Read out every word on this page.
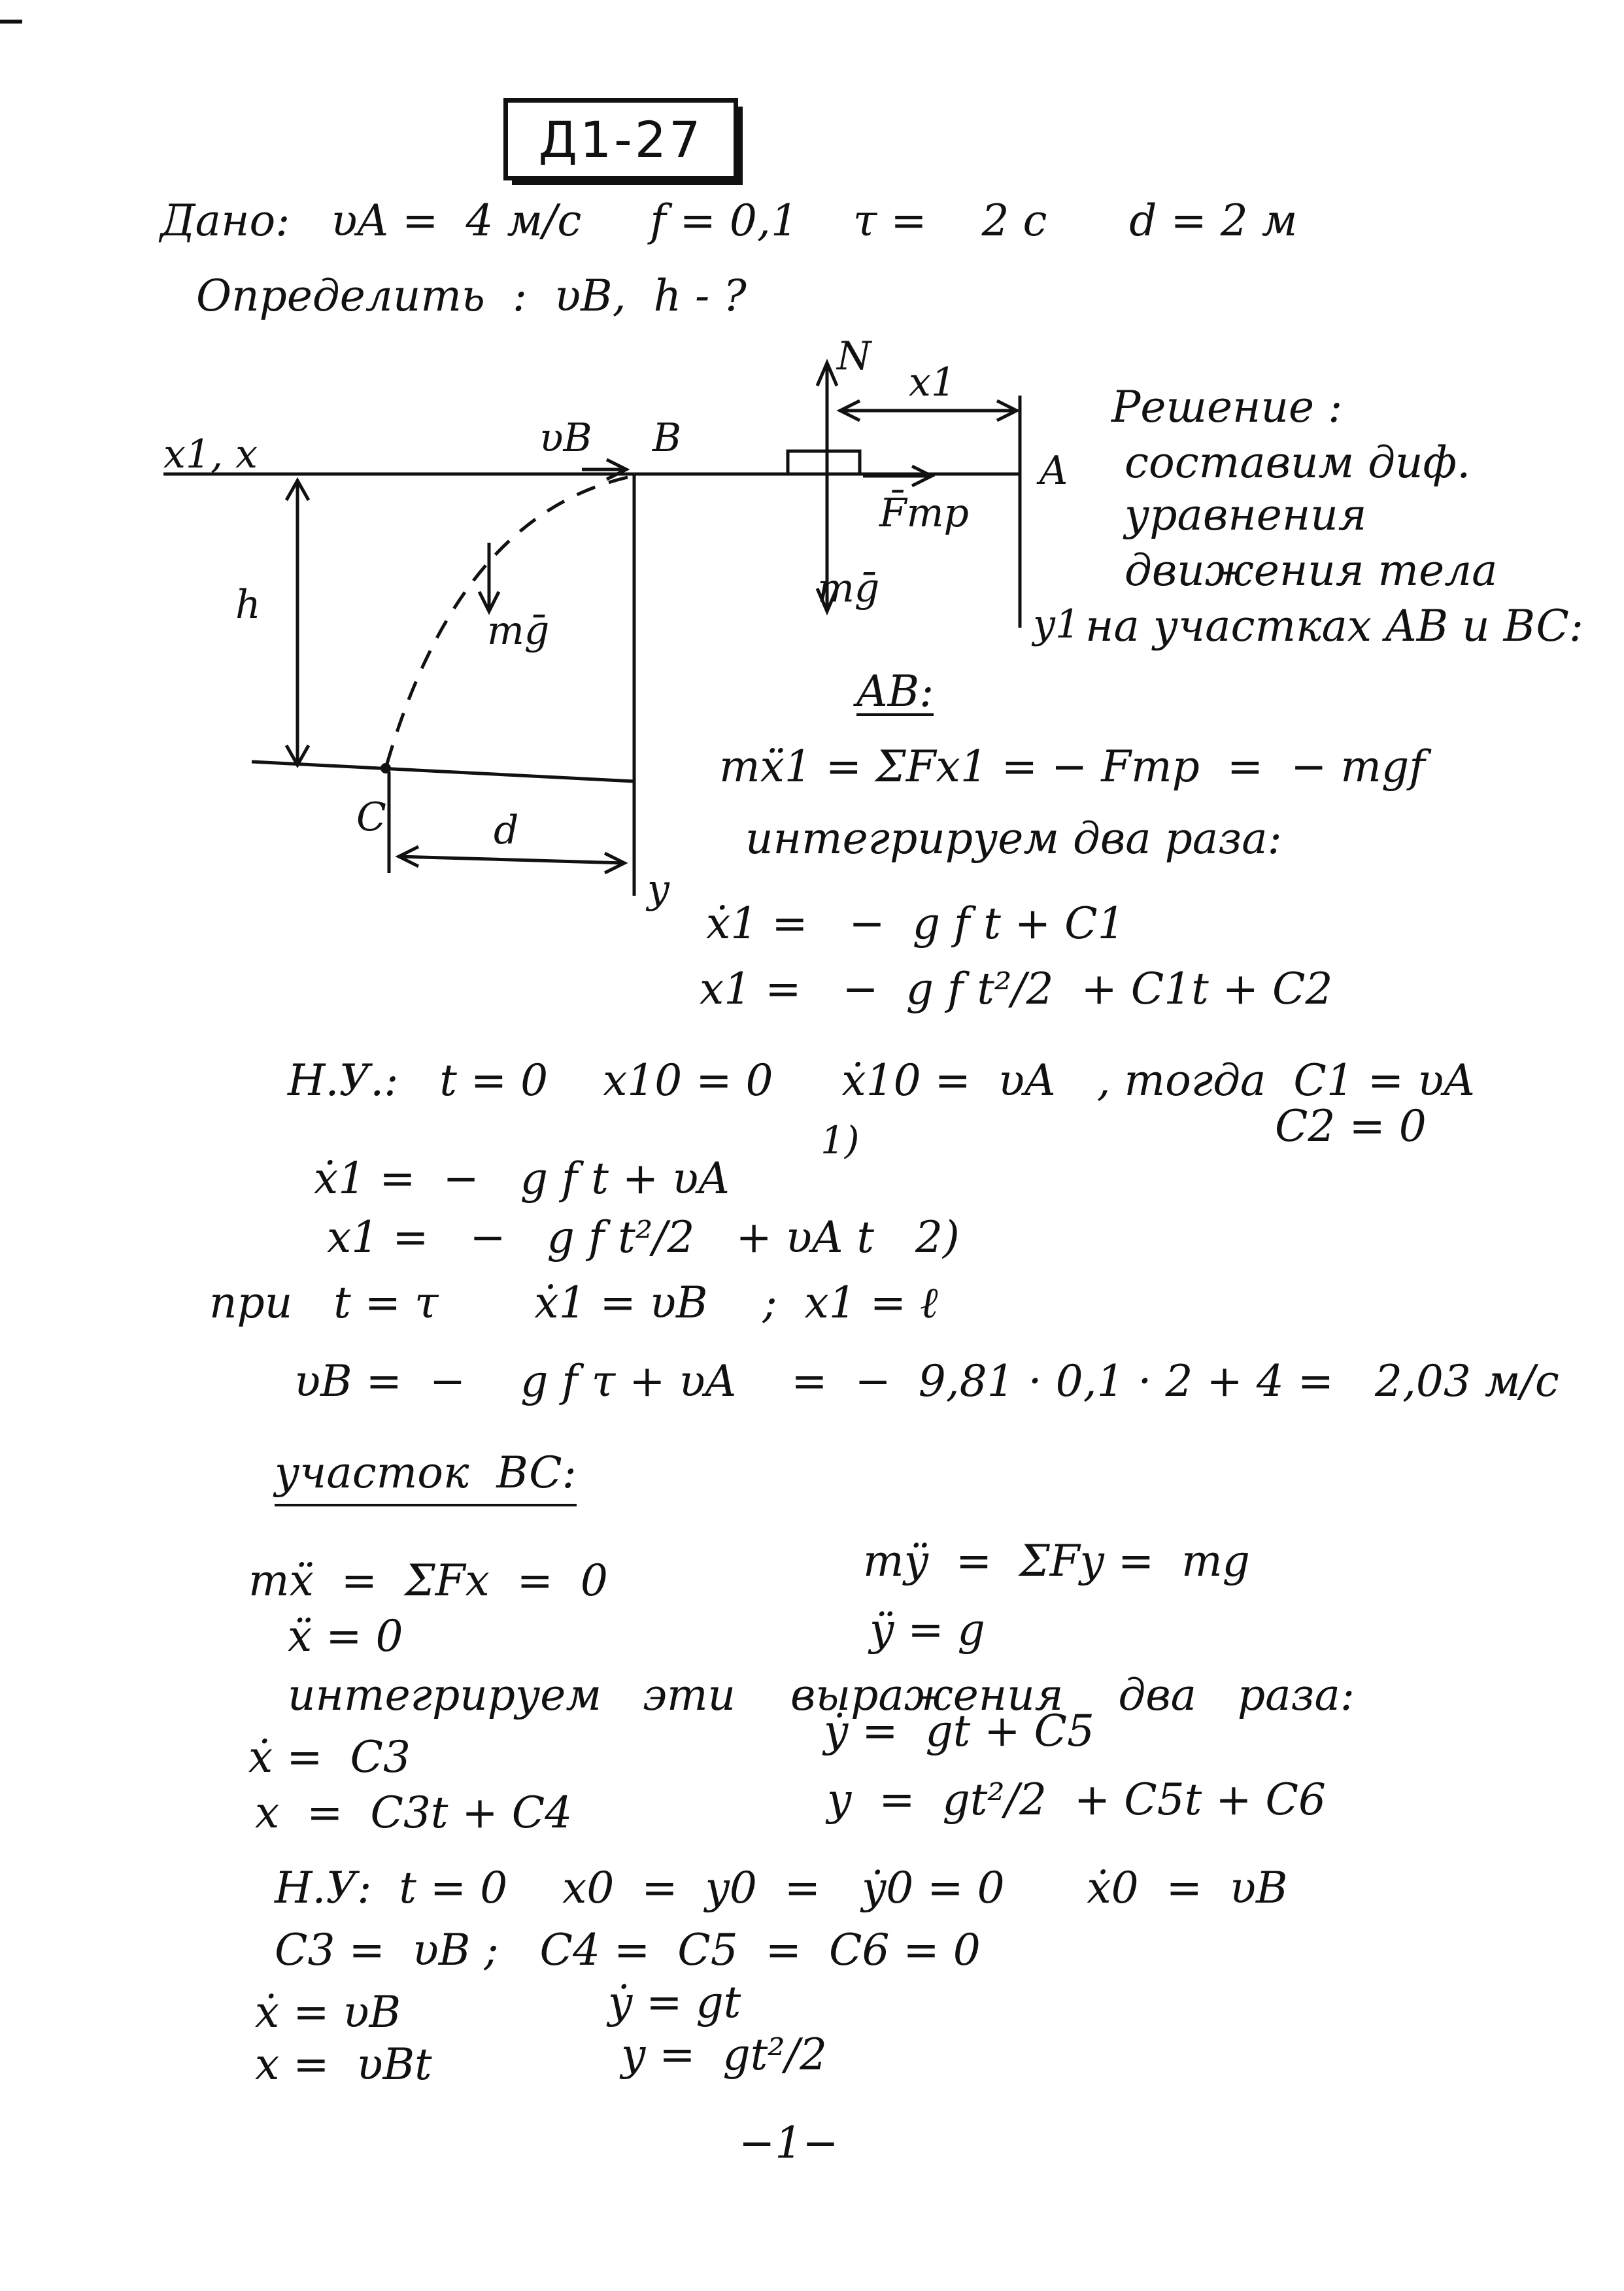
Д1-27
Дано:   υA =  4 м/с     f = 0,1    τ =    2 с      d = 2 м
Определить  :  υB,  h - ?
x1, x	υB B
N
x1
A
F̄тр
mḡ
y1
mḡ
h
C	d
y
Решение :
составим диф.
уравнения
движения тела
на участках AB и BC:
AB:
mẍ1 = ΣFx1 = − Fтр  =  − mgf
интегрируем два раза:
ẋ1 =   −  g f t + C1
x1 =   −  g f t²/2  + C1t + C2
Н.У.:   t = 0    x10 = 0     ẋ10 =  υA   , тогда  C1 = υA
C2 = 0
1)
ẋ1 =  −   g f t + υA
x1 =   −   g f t²/2   + υA t   2)
при   t = τ       ẋ1 = υB    ;  x1 = ℓ
υB =  −    g f τ + υA    =  −  9,81 · 0,1 · 2 + 4 =   2,03 м/с
участок  BC:
mẍ  =  ΣFx  =  0	mÿ  =  ΣFy =  mg
ẍ = 0	ÿ = g
интегрируем   эти    выражения    два   раза:
ẋ =  C3
ẏ =  gt + C5
x  =  C3t + C4	y  =  gt²/2  + C5t + C6
Н.У:  t = 0    x0  =  y0  =   ẏ0 = 0      ẋ0  =  υB
C3 =  υB ;   C4 =  C5  =  C6 = 0
ẋ = υB	ẏ = gt
x =  υBt	y =  gt²/2
−1−
